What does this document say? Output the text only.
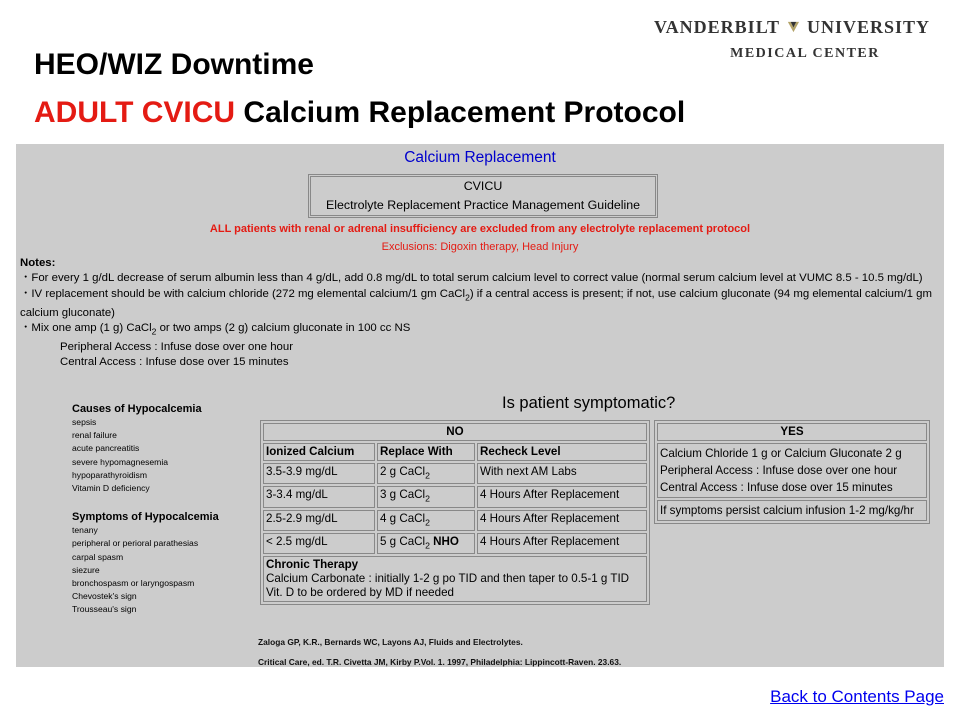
VANDERBILT UNIVERSITY
MEDICAL CENTER
HEO/WIZ Downtime
ADULT CVICU Calcium Replacement Protocol
Calcium Replacement
CVICU
Electrolyte Replacement Practice Management Guideline
ALL patients with renal or adrenal insufficiency are excluded from any electrolyte replacement protocol
Exclusions: Digoxin therapy, Head Injury
Notes:
・For every 1 g/dL decrease of serum albumin less than 4 g/dL, add 0.8 mg/dL to total serum calcium level to correct value (normal serum calcium level at VUMC 8.5 - 10.5 mg/dL)
・IV replacement should be with calcium chloride (272 mg elemental calcium/1 gm CaCl$_2$) if a central access is present; if not, use calcium gluconate (94 mg elemental calcium/1 gm calcium gluconate)
・Mix one amp (1 g) CaCl$_2$ or two amps (2 g) calcium gluconate in 100 cc NS
Peripheral Access : Infuse dose over one hour
Central Access : Infuse dose over 15 minutes
Causes of Hypocalcemia
sepsis
renal failure
acute pancreatitis
severe hypomagnesemia
hypoparathyroidism
Vitamin D deficiency
Symptoms of Hypocalcemia
tenany
peripheral or perioral parathesias
carpal spasm
siezure
bronchospasm or laryngospasm
Chevostek's sign
Trousseau's sign
Is patient symptomatic?
NO		
Ionized Calcium	Replace With	Recheck Level
3.5-3.9 mg/dL	2 g CaCl$_2$	With next AM Labs
3-3.4 mg/dL	3 g CaCl$_2$	4 Hours After Replacement
2.5-2.9 mg/dL	4 g CaCl$_2$	4 Hours After Replacement
< 2.5 mg/dL	5 g CaCl$_2$ NHO	4 Hours After Replacement
Chronic Therapy
Calcium Carbonate : initially 1-2 g po TID and then taper to 0.5-1 g TID
Vit. D to be ordered by MD if needed		
YES
Calcium Chloride 1 g or Calcium Gluconate 2 g
Peripheral Access : Infuse dose over one hour
Central Access : Infuse dose over 15 minutes
If symptoms persist calcium infusion 1-2 mg/kg/hr
Zaloga GP, K.R., Bernards WC, Layons AJ, Fluids and Electrolytes.
Critical Care, ed. T.R. Civetta JM, Kirby P.Vol. 1. 1997, Philadelphia: Lippincott-Raven. 23.63.
Back to Contents Page
